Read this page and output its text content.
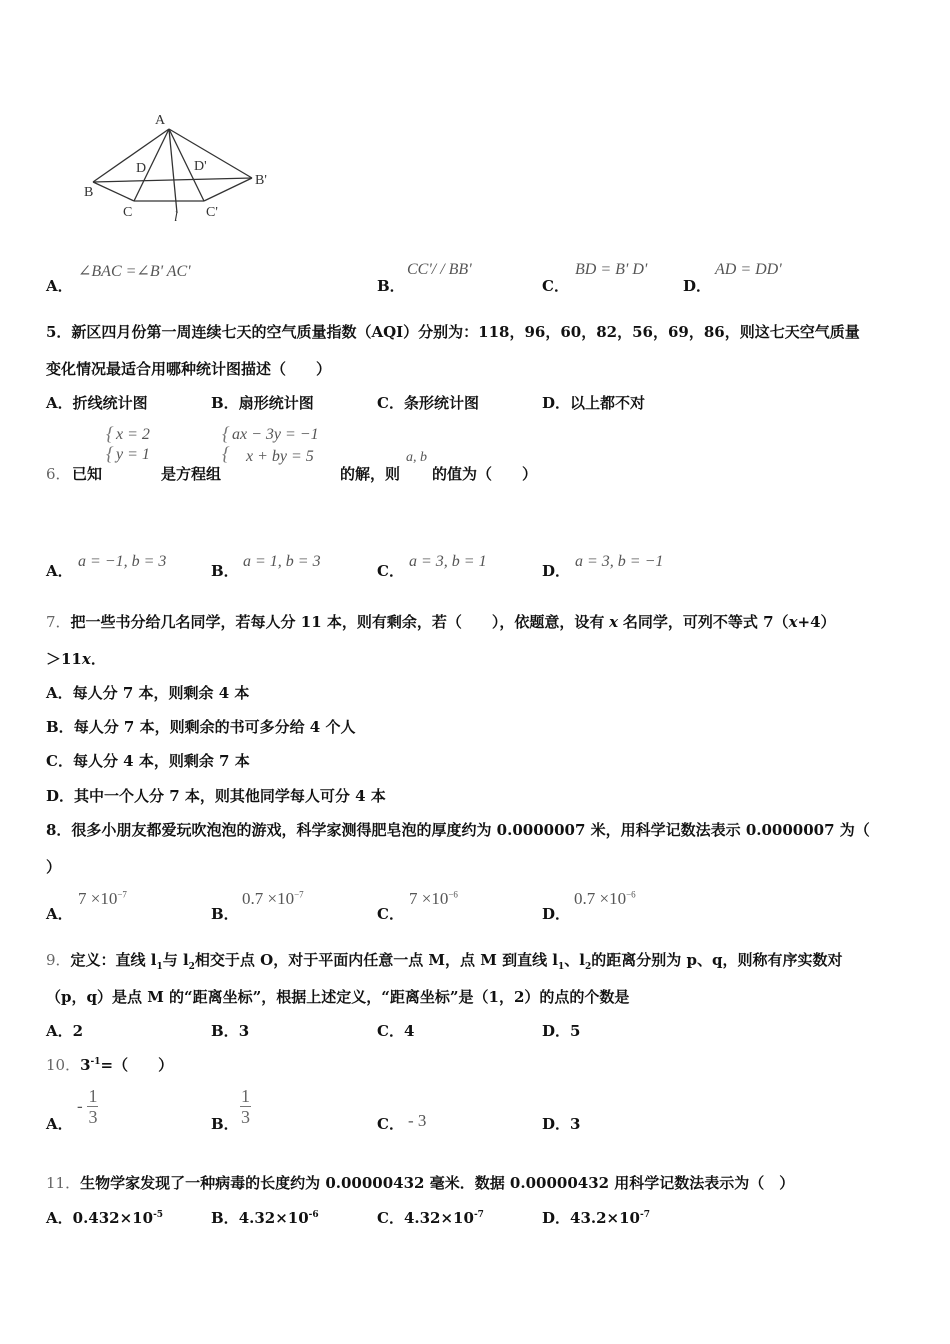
A
B
C
D	D'
B'
C'
l
A．
∠BAC =∠B' AC'
B．
CC'/ / BB'
C．
BD = B' D'
D．
AD = DD'
5．新区四月份第一周连续七天的空气质量指数（AQI）分别为：118，96，60，82，56，69，86，则这七天空气质量
变化情况最适合用哪种统计图描述（　　）
A．折线统计图	B．扇形统计图	C．条形统计图	D．以上都不对
6． 已知
{
{
x = 2
y = 1
是方程组
{
{
ax − 3y = −1
x + by = 5
的解，则
a, b
的值为（　　）
A．
a = −1, b = 3
B．
a = 1, b = 3
C．
a = 3, b = 1
D．
a = 3, b = −1
7．把一些书分给几名同学，若每人分 11 本，则有剩余，若（　　），依题意，设有 x 名同学，可列不等式 7（x+4）
＞11x．
A．每人分 7 本，则剩余 4 本
B．每人分 7 本，则剩余的书可多分给 4 个人
C．每人分 4 本，则剩余 7 本
D．其中一个人分 7 本，则其他同学每人可分 4 本
8．很多小朋友都爱玩吹泡泡的游戏，科学家测得肥皂泡的厚度约为 0.0000007 米，用科学记数法表示 0.0000007 为（
）
A．
$7 \times 10^{-7}$
B．
$0.7 \times 10^{-7}$
C．
$7 \times 10^{-6}$
D．
$0.7 \times 10^{-6}$
9．定义：直线 $l_1$与 $l_2$相交于点 O，对于平面内任意一点 M，点 M 到直线 $l_1$、$l_2$的距离分别为 p、q，则称有序实数对
（p，q）是点 M 的“距离坐标”，根据上述定义，“距离坐标”是（1，2）的点的个数是
A．2	B．3	C．4	D．5
10．$3^{-1}=$（　　）
A．
- $\frac{1}{3}$	B． $\frac{1}{3}$	C． - 3	D．3
11．生物学家发现了一种病毒的长度约为 0.00000432 毫米．数据 0.00000432 用科学记数法表示为（　）
A．$0.432\times 10^{-5}$	B．$4.32\times 10^{-6}$	C．$4.32\times 10^{-7}$	D．$43.2\times 10^{-7}$
